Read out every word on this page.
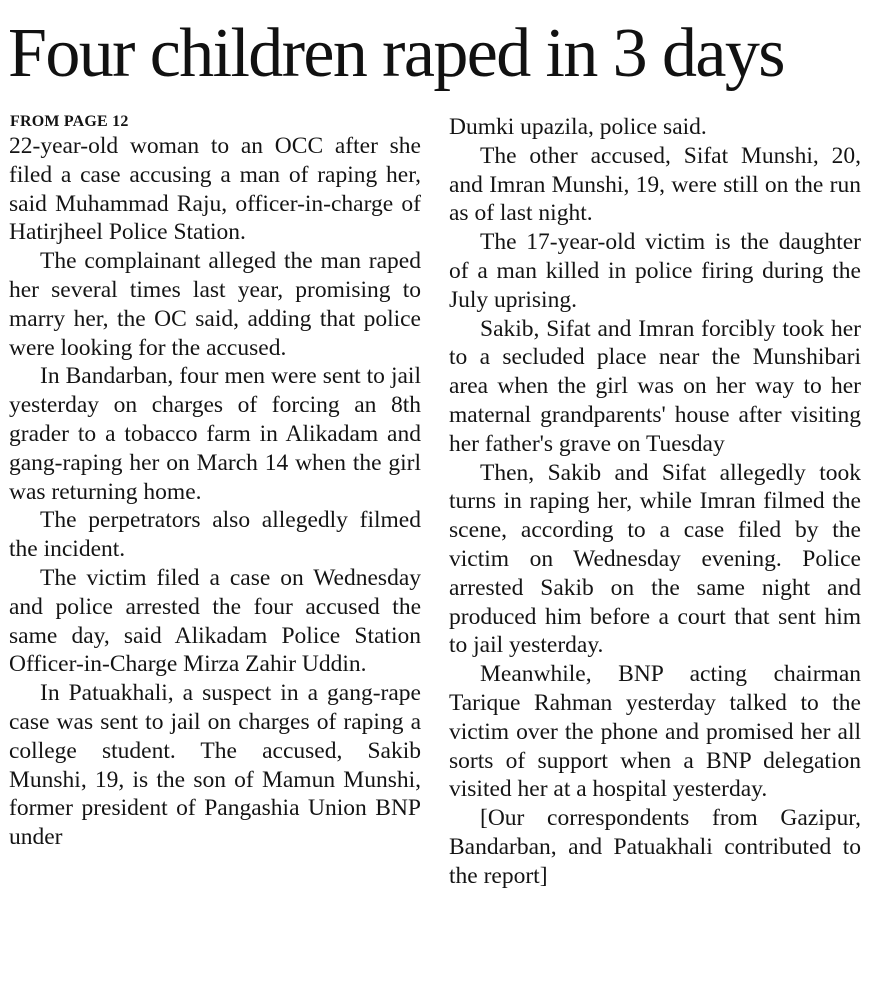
Four children raped in 3 days
FROM PAGE 12

22-year-old woman to an OCC after she filed a case accusing a man of raping her, said Muhammad Raju, officer-in-charge of Hatirjheel Police Station.

The complainant alleged the man raped her several times last year, promising to marry her, the OC said, adding that police were looking for the accused.

In Bandarban, four men were sent to jail yesterday on charges of forcing an 8th grader to a tobacco farm in Alikadam and gang-raping her on March 14 when the girl was returning home.

The perpetrators also allegedly filmed the incident.

The victim filed a case on Wednesday and police arrested the four accused the same day, said Alikadam Police Station Officer-in-Charge Mirza Zahir Uddin.

In Patuakhali, a suspect in a gang-rape case was sent to jail on charges of raping a college student. The accused, Sakib Munshi, 19, is the son of Mamun Munshi, former president of Pangashia Union BNP under

Dumki upazila, police said.

The other accused, Sifat Munshi, 20, and Imran Munshi, 19, were still on the run as of last night.

The 17-year-old victim is the daughter of a man killed in police firing during the July uprising.

Sakib, Sifat and Imran forcibly took her to a secluded place near the Munshibari area when the girl was on her way to her maternal grandparents' house after visiting her father's grave on Tuesday

Then, Sakib and Sifat allegedly took turns in raping her, while Imran filmed the scene, according to a case filed by the victim on Wednesday evening. Police arrested Sakib on the same night and produced him before a court that sent him to jail yesterday.

Meanwhile, BNP acting chairman Tarique Rahman yesterday talked to the victim over the phone and promised her all sorts of support when a BNP delegation visited her at a hospital yesterday.

[Our correspondents from Gazipur, Bandarban, and Patuakhali contributed to the report]
